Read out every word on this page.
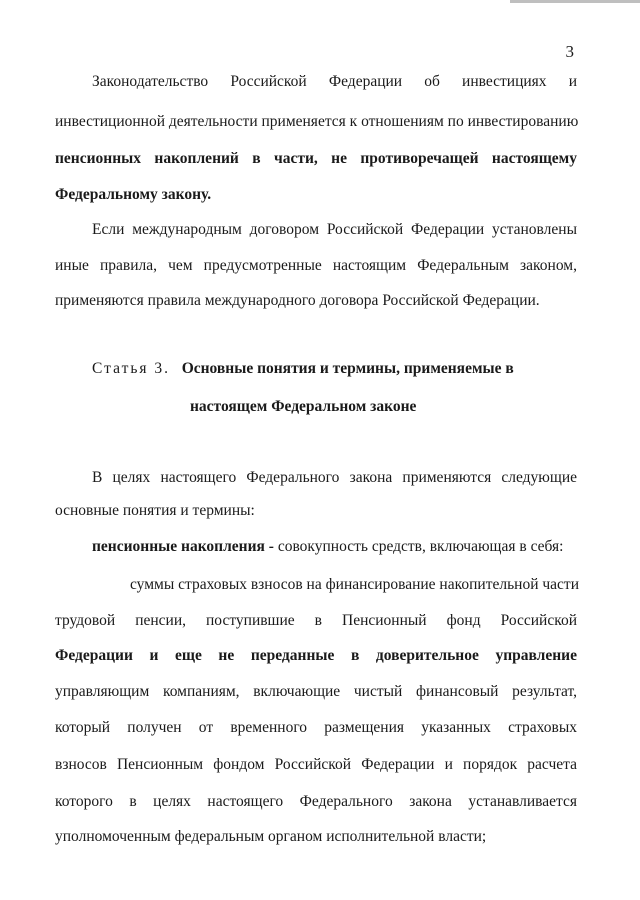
3
Законодательство Российской Федерации об инвестициях и
инвестиционной деятельности применяется к отношениям по инвестированию
пенсионных накоплений в части, не противоречащей настоящему
Федеральному закону.
Если международным договором Российской Федерации установлены
иные правила, чем предусмотренные настоящим Федеральным законом,
применяются правила международного договора Российской Федерации.
Статья 3. Основные понятия и термины, применяемые в
настоящем Федеральном законе
В целях настоящего Федерального закона применяются следующие
основные понятия и термины:
пенсионные накопления - совокупность средств, включающая в себя:
суммы страховых взносов на финансирование накопительной части
трудовой пенсии, поступившие в Пенсионный фонд Российской
Федерации и еще не переданные в доверительное управление
управляющим компаниям, включающие чистый финансовый результат,
который получен от временного размещения указанных страховых
взносов Пенсионным фондом Российской Федерации и порядок расчета
которого в целях настоящего Федерального закона устанавливается
уполномоченным федеральным органом исполнительной власти;
